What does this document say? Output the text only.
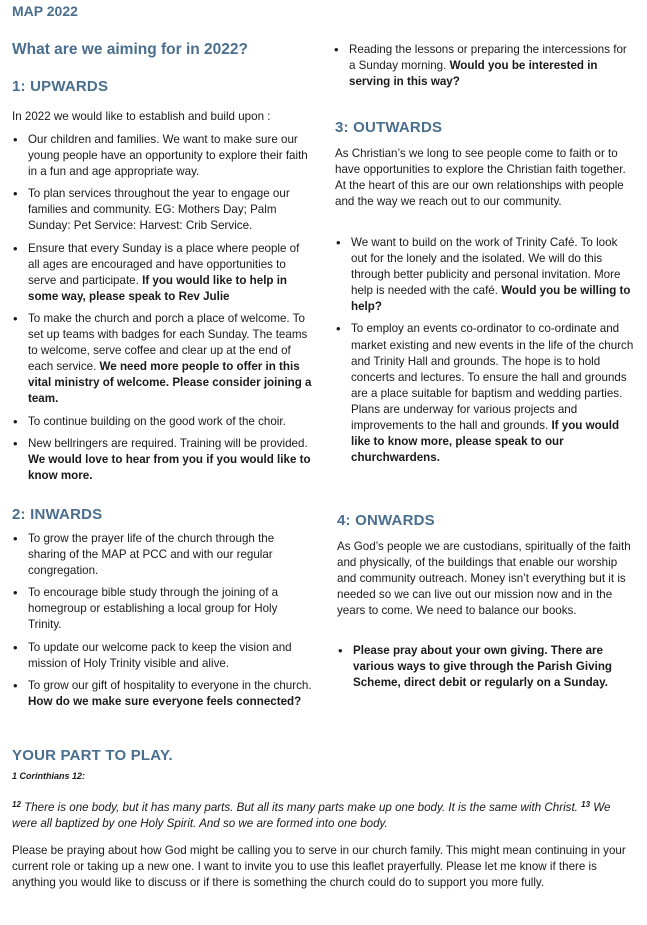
MAP 2022
What are we aiming for in 2022?
1: UPWARDS
In 2022 we would like to establish and build upon :
• Our children and families. We want to make sure our young people have an opportunity to explore their faith in a fun and age appropriate way.
• To plan services throughout the year to engage our families and community. EG: Mothers Day; Palm Sunday: Pet Service: Harvest: Crib Service.
• Ensure that every Sunday is a place where people of all ages are encouraged and have opportunities to serve and participate. If you would like to help in some way, please speak to Rev Julie
• To make the church and porch a place of welcome. To set up teams with badges for each Sunday. The teams to welcome, serve coffee and clear up at the end of each service. We need more people to offer in this vital ministry of welcome. Please consider joining a team.
• To continue building on the good work of the choir.
• New bellringers are required. Training will be provided. We would love to hear from you if you would like to know more.
• Reading the lessons or preparing the intercessions for a Sunday morning. Would you be interested in serving in this way?
2: INWARDS
• To grow the prayer life of the church through the sharing of the MAP at PCC and with our regular congregation.
• To encourage bible study through the joining of a homegroup or establishing a local group for Holy Trinity.
• To update our welcome pack to keep the vision and mission of Holy Trinity visible and alive.
• To grow our gift of hospitality to everyone in the church. How do we make sure everyone feels connected?
3: OUTWARDS
As Christian’s we long to see people come to faith or to have opportunities to explore the Christian faith together. At the heart of this are our own relationships with people and the way we reach out to our community.
• We want to build on the work of Trinity Café. To look out for the lonely and the isolated. We will do this through better publicity and personal invitation. More help is needed with the café. Would you be willing to help?
• To employ an events co-ordinator to co-ordinate and market existing and new events in the life of the church and Trinity Hall and grounds. The hope is to hold concerts and lectures. To ensure the hall and grounds are a place suitable for baptism and wedding parties. Plans are underway for various projects and improvements to the hall and grounds. If you would like to know more, please speak to our churchwardens.
4: ONWARDS
As God’s people we are custodians, spiritually of the faith and physically, of the buildings that enable our worship and community outreach. Money isn’t everything but it is needed so we can live out our mission now and in the years to come. We need to balance our books.
• Please pray about your own giving. There are various ways to give through the Parish Giving Scheme, direct debit or regularly on a Sunday.
YOUR PART TO PLAY.
1 Corinthians 12:
$^{12}$ There is one body, but it has many parts. But all its many parts make up one body. It is the same with Christ. $^{13}$ We were all baptized by one Holy Spirit. And so we are formed into one body.
Please be praying about how God might be calling you to serve in our church family. This might mean continuing in your current role or taking up a new one. I want to invite you to use this leaflet prayerfully. Please let me know if there is anything you would like to discuss or if there is something the church could do to support you more fully.
